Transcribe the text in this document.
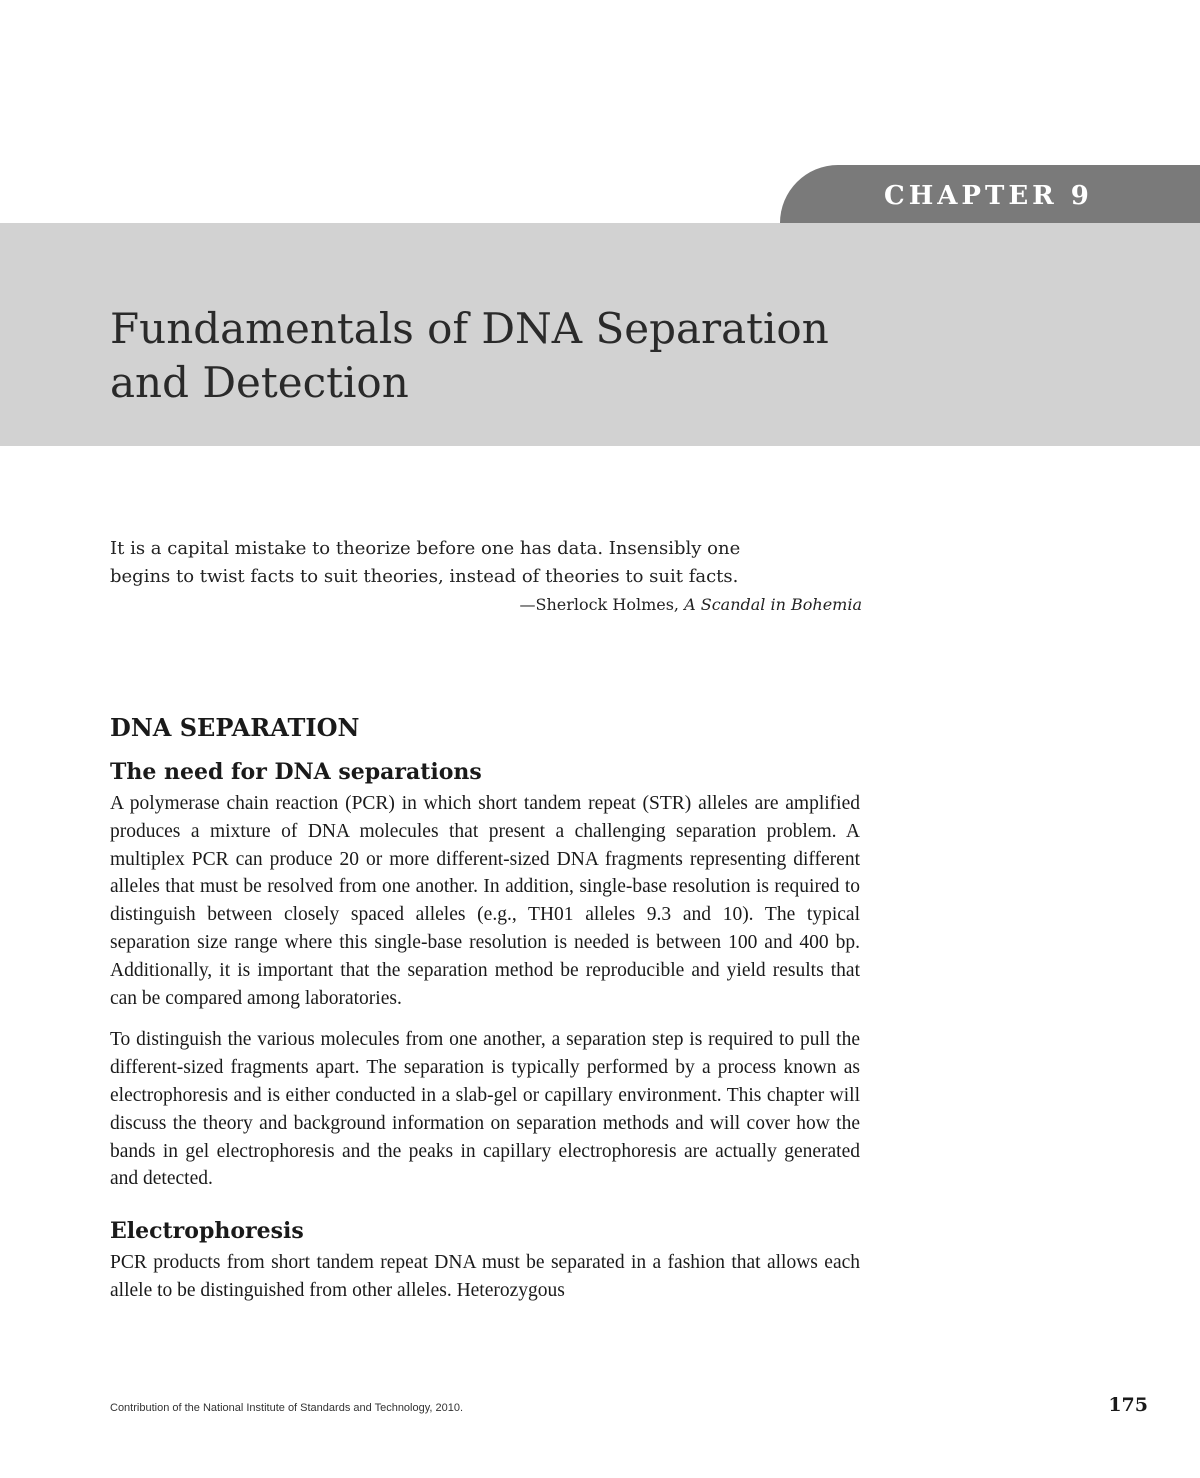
CHAPTER 9
Fundamentals of DNA Separation
and Detection

It is a capital mistake to theorize before one has data. Insensibly one

begins to twist facts to suit theories, instead of theories to suit facts.

—Sherlock Holmes, A Scandal in Bohemia

DNA SEPARATION
The need for DNA separations

A polymerase chain reaction (PCR) in which short tandem repeat (STR) alleles are amplified produces a mixture of DNA molecules that present a challenging separation problem. A multiplex PCR can produce 20 or more different-sized DNA fragments representing different alleles that must be resolved from one another. In addition, single-base resolution is required to distinguish between closely spaced alleles (e.g., TH01 alleles 9.3 and 10). The typical separation size range where this single-base resolution is needed is between 100 and 400 bp. Additionally, it is important that the separation method be reproducible and yield results that can be compared among laboratories.

To distinguish the various molecules from one another, a separation step is required to pull the different-sized fragments apart. The separation is typically performed by a process known as electrophoresis and is either conducted in a slab-gel or capillary environment. This chapter will discuss the theory and background information on separation methods and will cover how the bands in gel electrophoresis and the peaks in capillary electrophoresis are actually generated and detected.

Electrophoresis

PCR products from short tandem repeat DNA must be separated in a fashion that allows each allele to be distinguished from other alleles. Heterozygous

Contribution of the National Institute of Standards and Technology, 2010.	175
